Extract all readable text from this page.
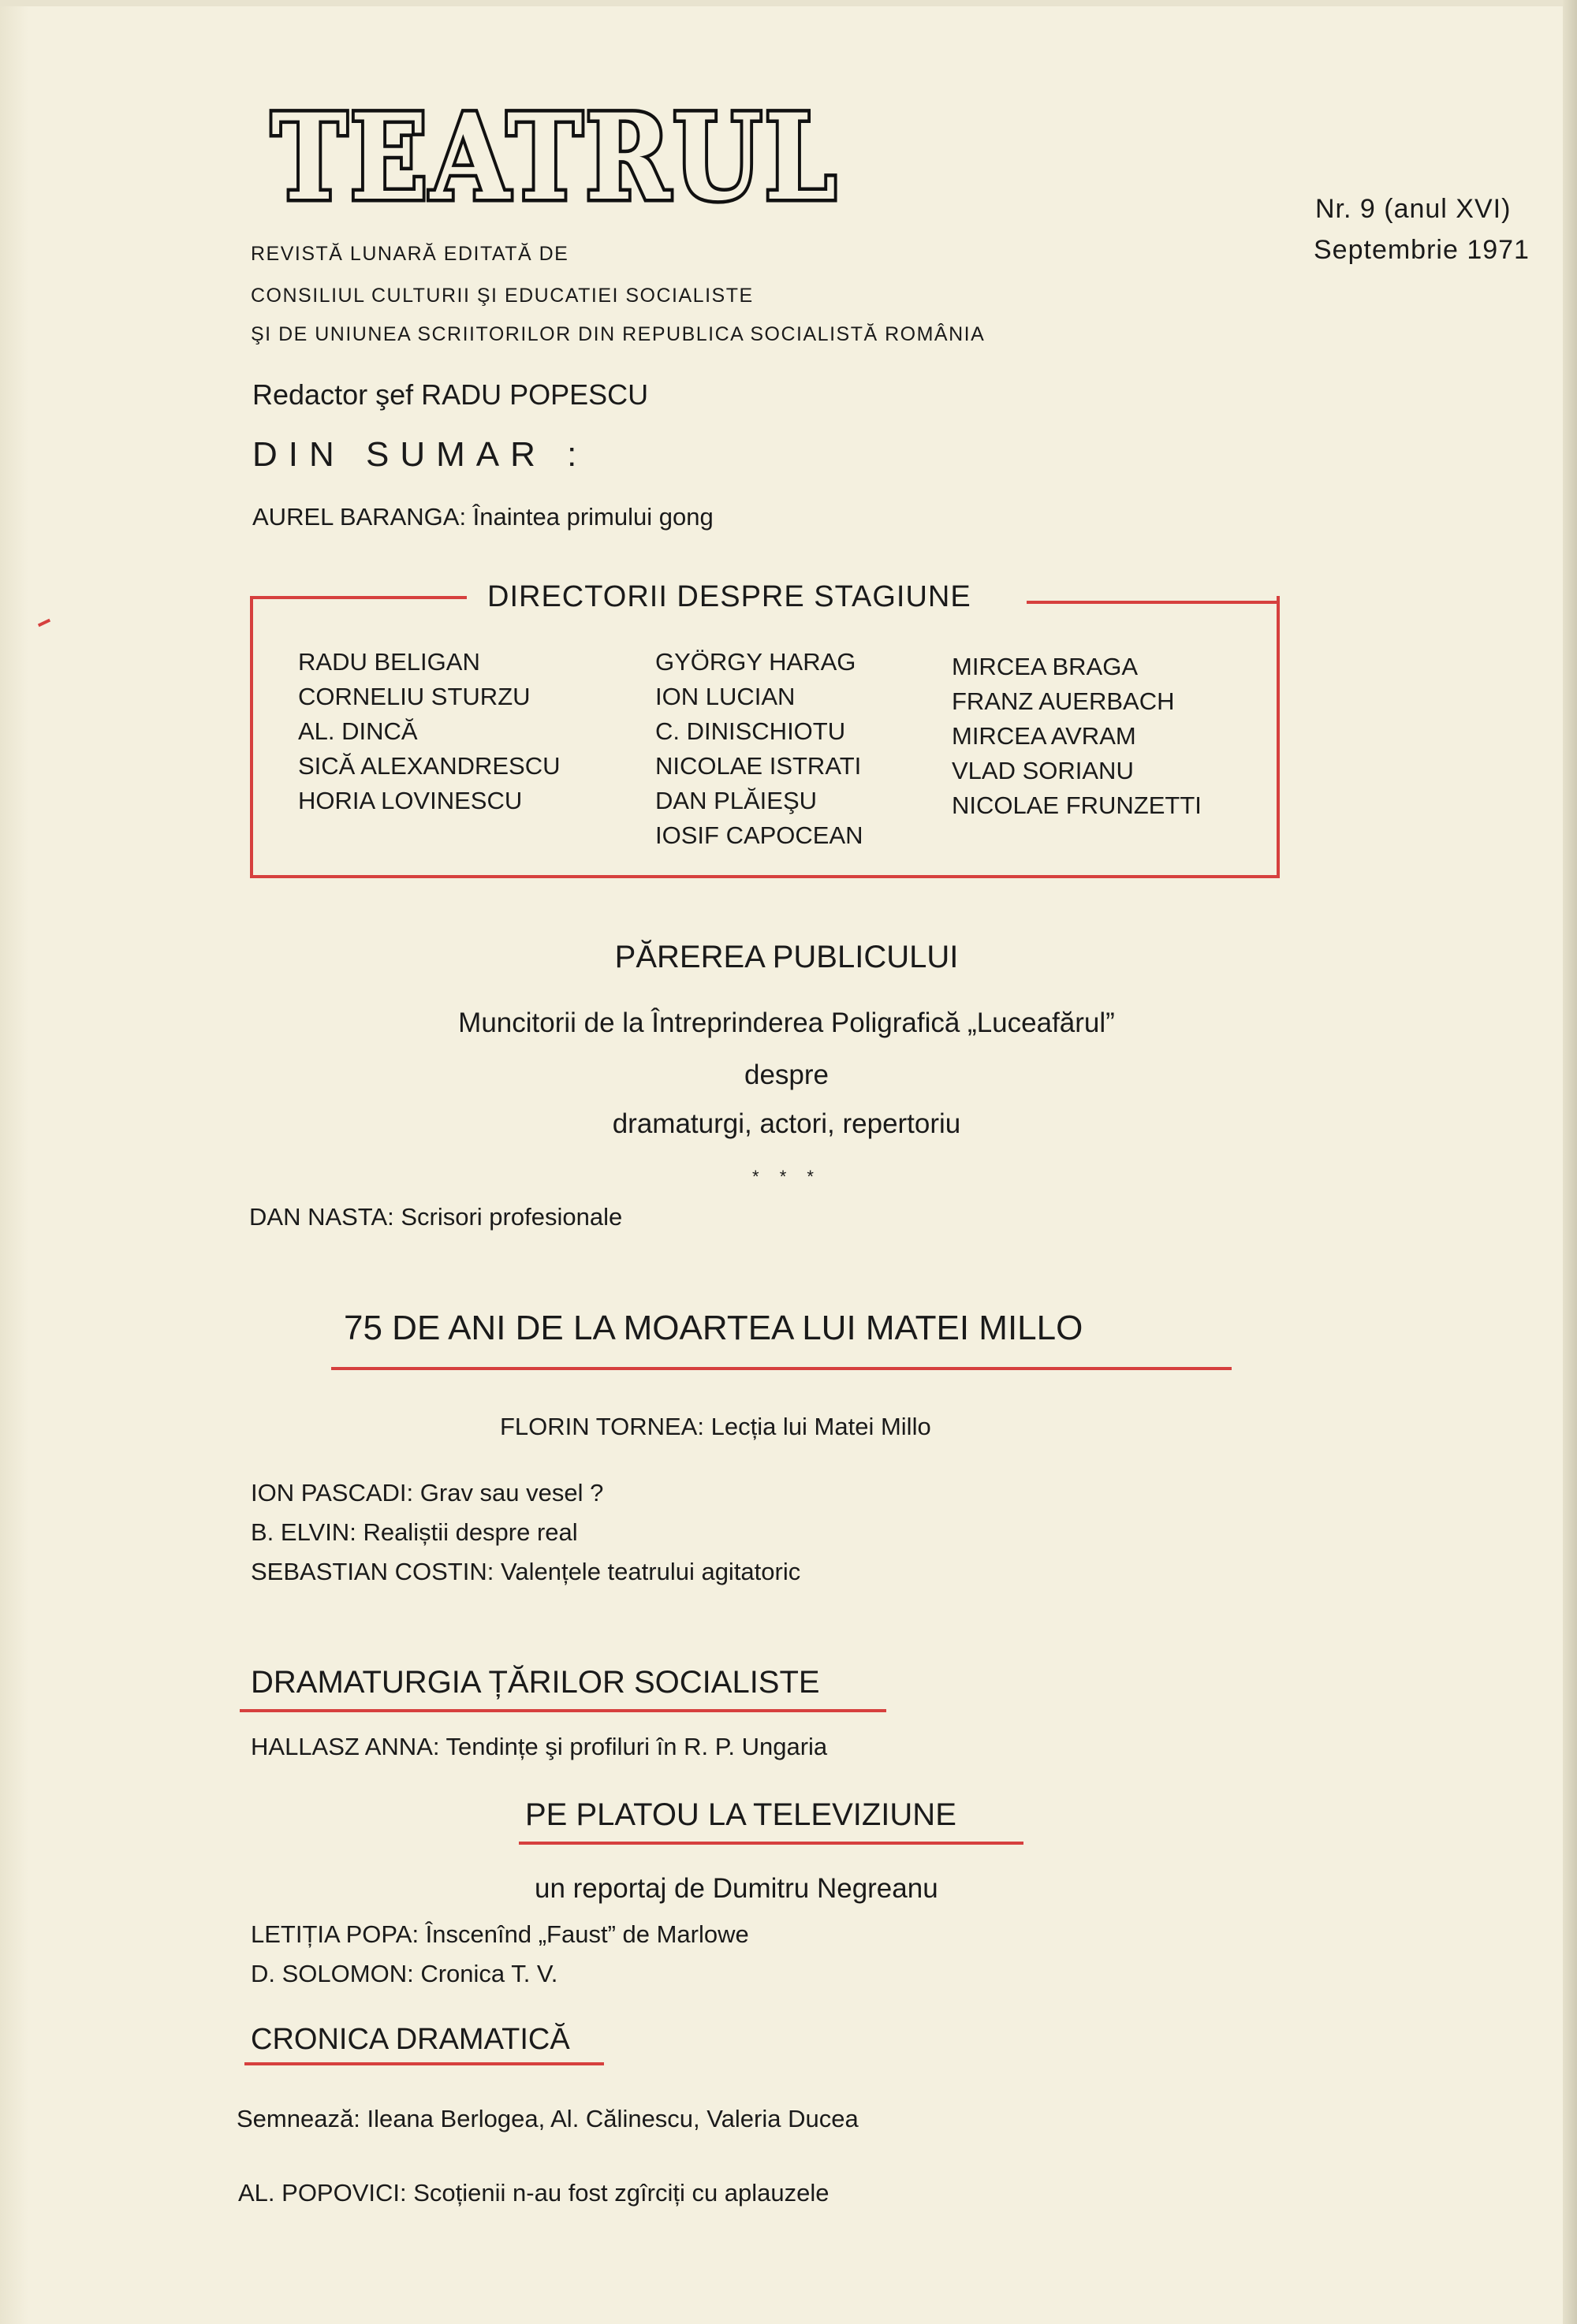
TEATRUL	Nr. 9 (anul XVI)
Septembrie 1971
REVISTĂ LUNARĂ EDITATĂ DE
CONSILIUL CULTURII ŞI EDUCATIEI SOCIALISTE
ŞI DE UNIUNEA SCRIITORILOR DIN REPUBLICA SOCIALISTĂ ROMÂNIA
Redactor şef RADU POPESCU
DIN SUMAR :
AUREL BARANGA: Înaintea primului gong
DIRECTORII DESPRE STAGIUNE
RADU BELIGAN
CORNELIU STURZU
AL. DINCĂ
SICĂ ALEXANDRESCU
HORIA LOVINESCU
GYÖRGY HARAG
ION LUCIAN
C. DINISCHIOTU
NICOLAE ISTRATI
DAN PLĂIEŞU
IOSIF CAPOCEAN
MIRCEA BRAGA
FRANZ AUERBACH
MIRCEA AVRAM
VLAD SORIANU
NICOLAE FRUNZETTI
PĂREREA PUBLICULUI
Muncitorii de la Întreprinderea Poligrafică „Luceafărul”
despre
dramaturgi, actori, repertoriu
* * *
DAN NASTA: Scrisori profesionale
75 DE ANI DE LA MOARTEA LUI MATEI MILLO
FLORIN TORNEA: Lecția lui Matei Millo
ION PASCADI: Grav sau vesel ?
B. ELVIN: Realiștii despre real
SEBASTIAN COSTIN: Valențele teatrului agitatoric
DRAMATURGIA ȚĂRILOR SOCIALISTE
HALLASZ ANNA: Tendințe şi profiluri în R. P. Ungaria
PE PLATOU LA TELEVIZIUNE
un reportaj de Dumitru Negreanu
LETIȚIA POPA: Înscenînd „Faust” de Marlowe
D. SOLOMON: Cronica T. V.
CRONICA DRAMATICĂ
Semnează: Ileana Berlogea, Al. Călinescu, Valeria Ducea
AL. POPOVICI: Scoțienii n-au fost zgîrciți cu aplauzele
